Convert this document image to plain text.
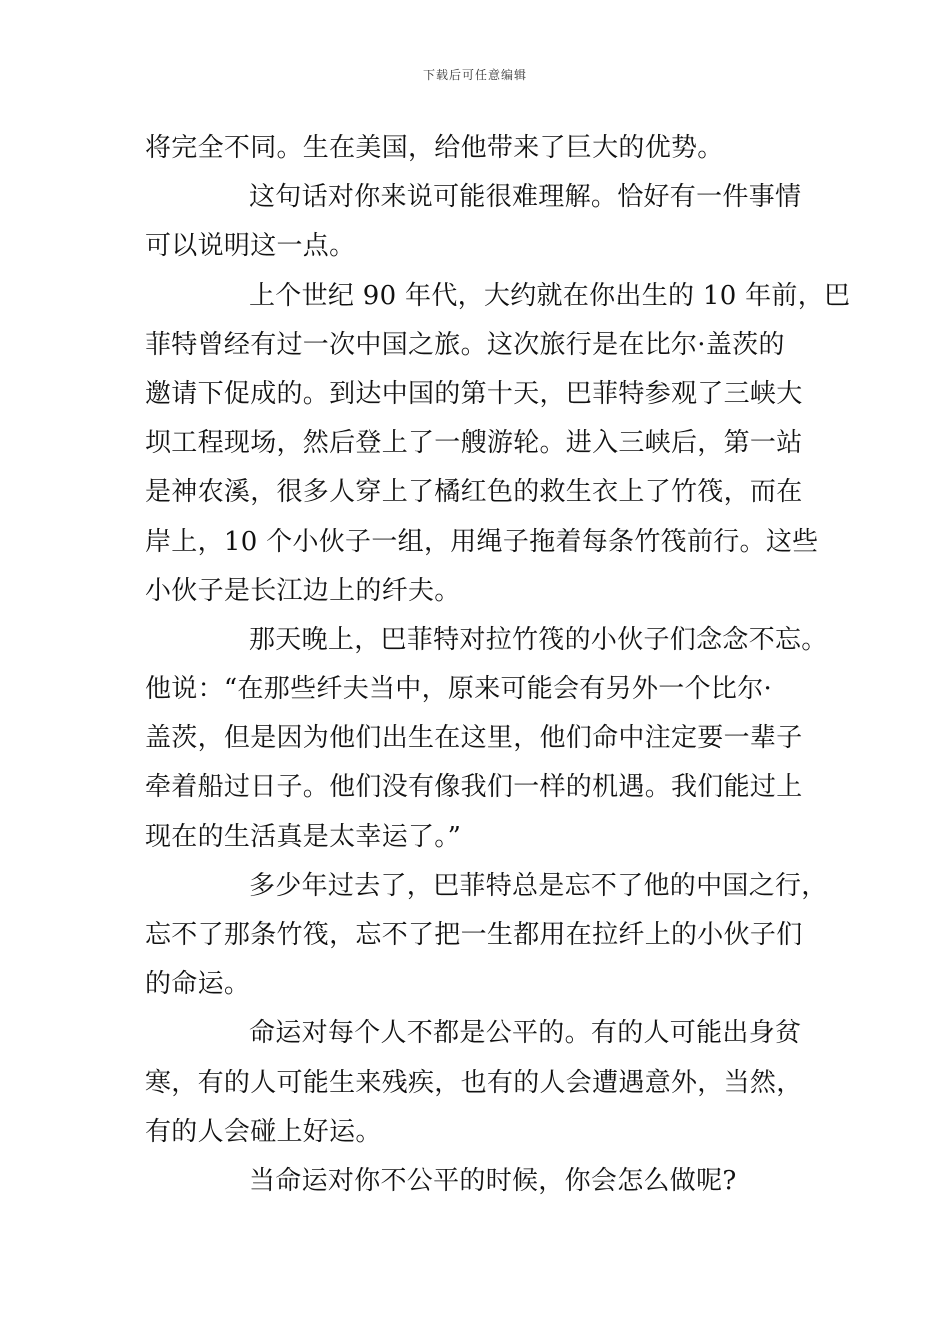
下载后可任意编辑
将完全不同。生在美国，给他带来了巨大的优势。
这句话对你来说可能很难理解。恰好有一件事情
可以说明这一点。
上个世纪 90 年代，大约就在你出生的 10 年前，巴
菲特曾经有过一次中国之旅。这次旅行是在比尔·盖茨的
邀请下促成的。到达中国的第十天，巴菲特参观了三峡大
坝工程现场，然后登上了一艘游轮。进入三峡后，第一站
是神农溪，很多人穿上了橘红色的救生衣上了竹筏，而在
岸上，10 个小伙子一组，用绳子拖着每条竹筏前行。这些
小伙子是长江边上的纤夫。
那天晚上，巴菲特对拉竹筏的小伙子们念念不忘。
他说：“在那些纤夫当中，原来可能会有另外一个比尔·
盖茨，但是因为他们出生在这里，他们命中注定要一辈子
牵着船过日子。他们没有像我们一样的机遇。我们能过上
现在的生活真是太幸运了。”
多少年过去了，巴菲特总是忘不了他的中国之行，
忘不了那条竹筏，忘不了把一生都用在拉纤上的小伙子们
的命运。
命运对每个人不都是公平的。有的人可能出身贫
寒，有的人可能生来残疾，也有的人会遭遇意外，当然，
有的人会碰上好运。
当命运对你不公平的时候，你会怎么做呢?
